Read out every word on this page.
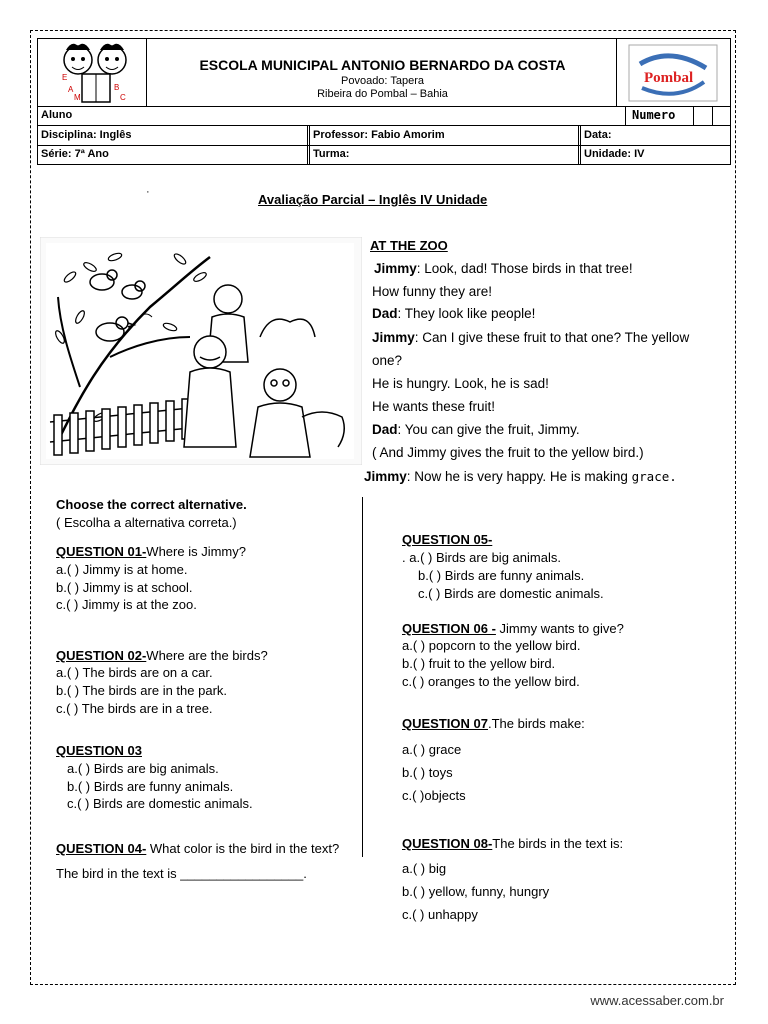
E
A
M
B
C
ESCOLA MUNICIPAL ANTONIO BERNARDO DA COSTA
Povoado: Tapera
Ribeira do Pombal – Bahia
Pombal
Aluno	Numero
Disciplina: Inglês	Professor: Fabio Amorim	Data:
Série: 7ª Ano	Turma:	Unidade: IV
·	Avaliação Parcial – Inglês IV Unidade
AT THE ZOO
Jimmy: Look, dad! Those birds in that tree!
How funny they are!
Dad: They look like people!
Jimmy: Can I give these fruit to that one? The yellow
one?
He is hungry. Look, he is sad!
He wants these fruit!
Dad: You can give the fruit, Jimmy.
( And Jimmy gives the fruit to the yellow bird.)
Jimmy: Now he is very happy. He is making grace.
Choose the correct alternative.
( Escolha a alternativa correta.)
QUESTION 01-Where is Jimmy?
a.( ) Jimmy is at home.
b.( ) Jimmy is at school.
c.( ) Jimmy is at the zoo.
QUESTION 02-Where are the birds?
a.( ) The birds are on a car.
b.( ) The birds are in the park.
c.( ) The birds are in a tree.
QUESTION 03
a.( ) Birds are big animals.
b.( ) Birds are funny animals.
c.( ) Birds are domestic animals.
QUESTION 04- What color is the bird in the text?
The bird in the text is _________________.
QUESTION 05-
. a.( ) Birds are big animals.
b.( ) Birds are funny animals.
c.( ) Birds are domestic animals.
QUESTION 06 - Jimmy wants to give?
a.( ) popcorn to the yellow bird.
b.( ) fruit to the yellow bird.
c.( ) oranges to the yellow bird.
QUESTION 07.The birds make:
a.( ) grace
b.( ) toys
c.( )objects
QUESTION 08-The birds in the text is:
a.( ) big
b.( ) yellow, funny, hungry
c.( ) unhappy
www.acessaber.com.br
